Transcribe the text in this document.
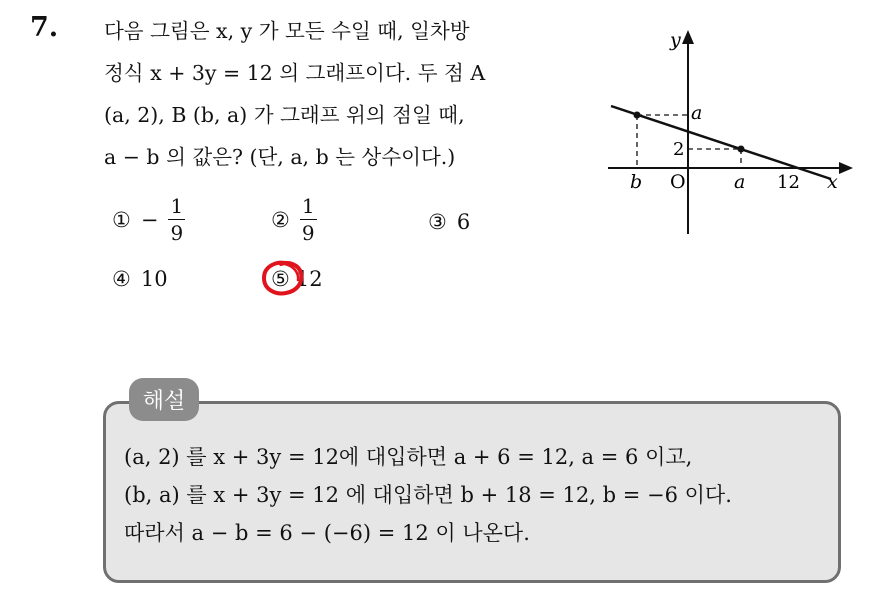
7. 다음 그림은 x, y 가 모든 수일 때, 일차방
정식 x + 3y = 12 의 그래프이다. 두 점 A
(a, 2), B (b, a) 가 그래프 위의 점일 때,
a − b 의 값은? (단, a, b 는 상수이다.)
① − $\frac{1}{9}$	② $\frac{1}{9}$	③ 6
④ 10	⑤ 12
y
a
2
b O	a 12 x
해설
(a, 2) 를 x + 3y = 12에 대입하면 a + 6 = 12, a = 6 이고,
(b, a) 를 x + 3y = 12 에 대입하면 b + 18 = 12, b = −6 이다.
따라서 a − b = 6 − (−6) = 12 이 나온다.
